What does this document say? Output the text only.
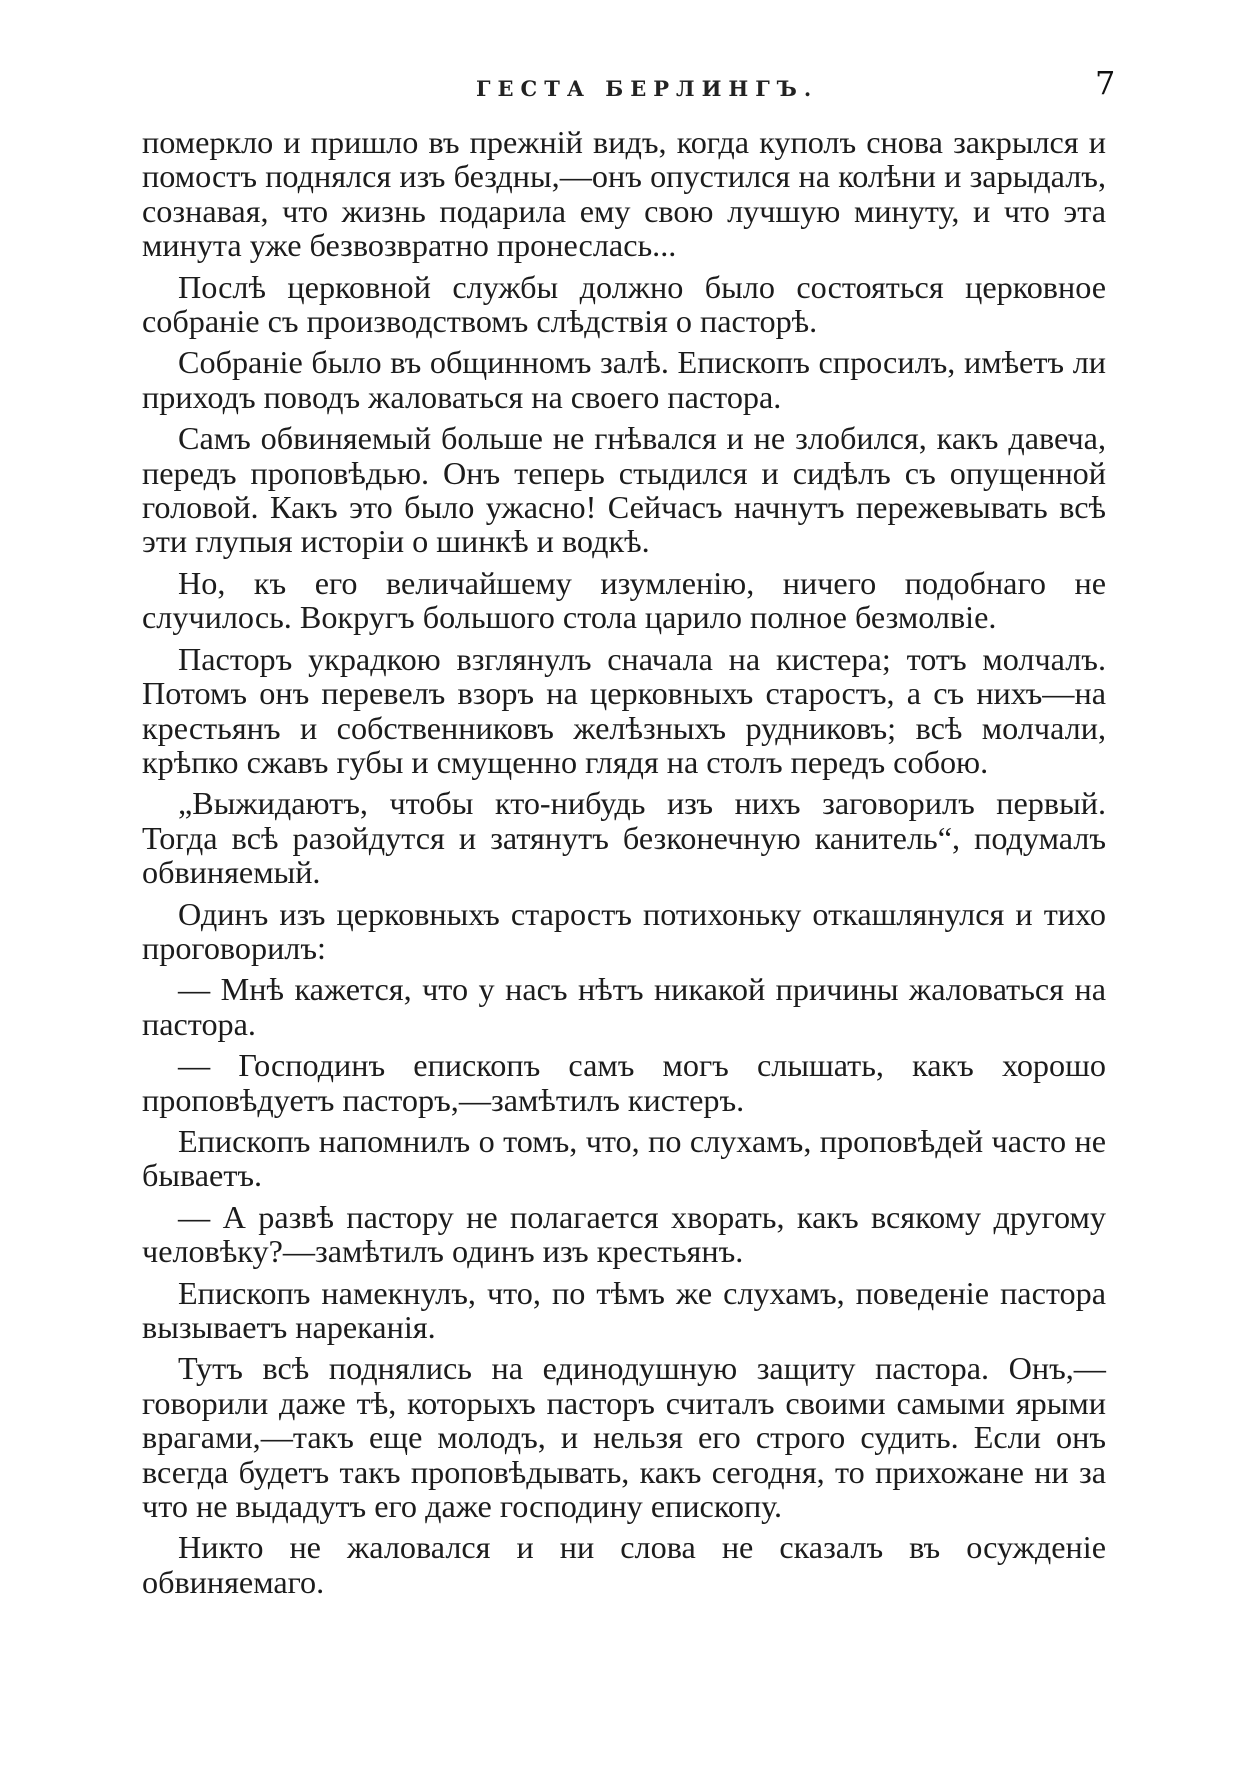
ГЕСТА БЕРЛИНГЪ.	7

померкло и пришло въ прежній видъ, когда куполъ снова закрылся и помостъ поднялся изъ бездны,—онъ опустился на колѣни и зарыдалъ, сознавая, что жизнь подарила ему свою лучшую минуту, и что эта минута уже безвозвратно пронеслась...

Послѣ церковной службы должно было состояться церковное собраніе съ производствомъ слѣдствія о пасторѣ.

Собраніе было въ общинномъ залѣ. Епископъ спросилъ, имѣетъ ли приходъ поводъ жаловаться на своего пастора.

Самъ обвиняемый больше не гнѣвался и не злобился, какъ давеча, передъ проповѣдью. Онъ теперь стыдился и сидѣлъ съ опущенной головой. Какъ это было ужасно! Сейчасъ начнутъ пережевывать всѣ эти глупыя исторіи о шинкѣ и водкѣ.

Но, къ его величайшему изумленію, ничего подобнаго не случилось. Вокругъ большого стола царило полное безмолвіе.

Пасторъ украдкою взглянулъ сначала на кистера; тотъ молчалъ. Потомъ онъ перевелъ взоръ на церковныхъ старостъ, а съ нихъ—на крестьянъ и собственниковъ желѣзныхъ рудниковъ; всѣ молчали, крѣпко сжавъ губы и смущенно глядя на столъ передъ собою.

„Выжидаютъ, чтобы кто-нибудь изъ нихъ заговорилъ первый. Тогда всѣ разойдутся и затянутъ безконечную канитель“, подумалъ обвиняемый.

Одинъ изъ церковныхъ старостъ потихоньку откашлянулся и тихо проговорилъ:

— Мнѣ кажется, что у насъ нѣтъ никакой причины жаловаться на пастора.

— Господинъ епископъ самъ могъ слышать, какъ хорошо проповѣдуетъ пасторъ,—замѣтилъ кистеръ.

Епископъ напомнилъ о томъ, что, по слухамъ, проповѣдей часто не бываетъ.

— А развѣ пастору не полагается хворать, какъ всякому другому человѣку?—замѣтилъ одинъ изъ крестьянъ.

Епископъ намекнулъ, что, по тѣмъ же слухамъ, поведеніе пастора вызываетъ нареканія.

Тутъ всѣ поднялись на единодушную защиту пастора. Онъ,—говорили даже тѣ, которыхъ пасторъ считалъ своими самыми ярыми врагами,—такъ еще молодъ, и нельзя его строго судить. Если онъ всегда будетъ такъ проповѣдывать, какъ сегодня, то прихожане ни за что не выдадутъ его даже господину епископу.

Никто не жаловался и ни слова не сказалъ въ осужденіе обвиняемаго.
